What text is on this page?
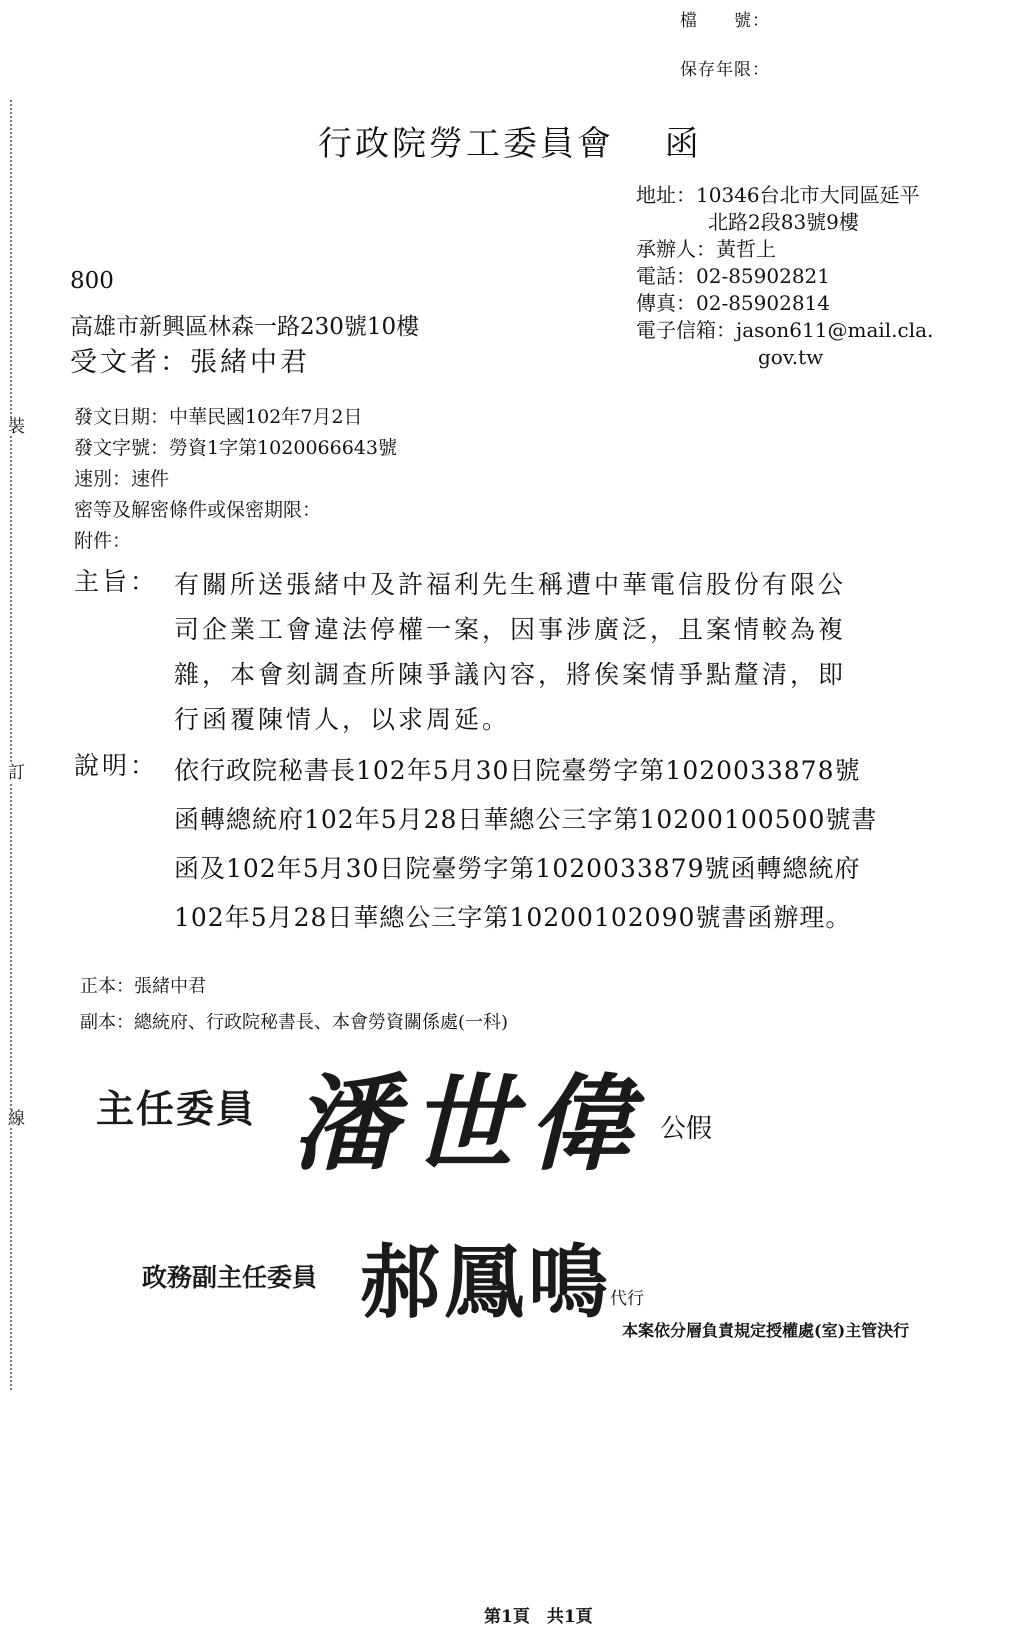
裝
訂
線
檔　　號：
保存年限：
行政院勞工委員會　 函
地址：10346台北市大同區延平
北路2段83號9樓
承辦人：黃哲上
電話：02-85902821
傳真：02-85902814
電子信箱：jason611@mail.cla.
gov.tw
800
高雄市新興區林森一路230號10樓
受文者：張緒中君
發文日期：中華民國102年7月2日
發文字號：勞資1字第1020066643號
速別：速件
密等及解密條件或保密期限：
附件：
主旨： 有關所送張緒中及許福利先生稱遭中華電信股份有限公
司企業工會違法停權一案，因事涉廣泛，且案情較為複
雜，本會刻調查所陳爭議內容，將俟案情爭點釐清，即
行函覆陳情人，以求周延。
說明： 依行政院秘書長102年5月30日院臺勞字第1020033878號
函轉總統府102年5月28日華總公三字第10200100500號書
函及102年5月30日院臺勞字第1020033879號函轉總統府
102年5月28日華總公三字第10200102090號書函辦理。
正本：張緒中君
副本：總統府、行政院秘書長、本會勞資關係處(一科)
主任委員 潘世偉 公假
政務副主任委員 郝鳳鳴
代行
本案依分層負責規定授權處(室)主管決行
第1頁　共1頁
